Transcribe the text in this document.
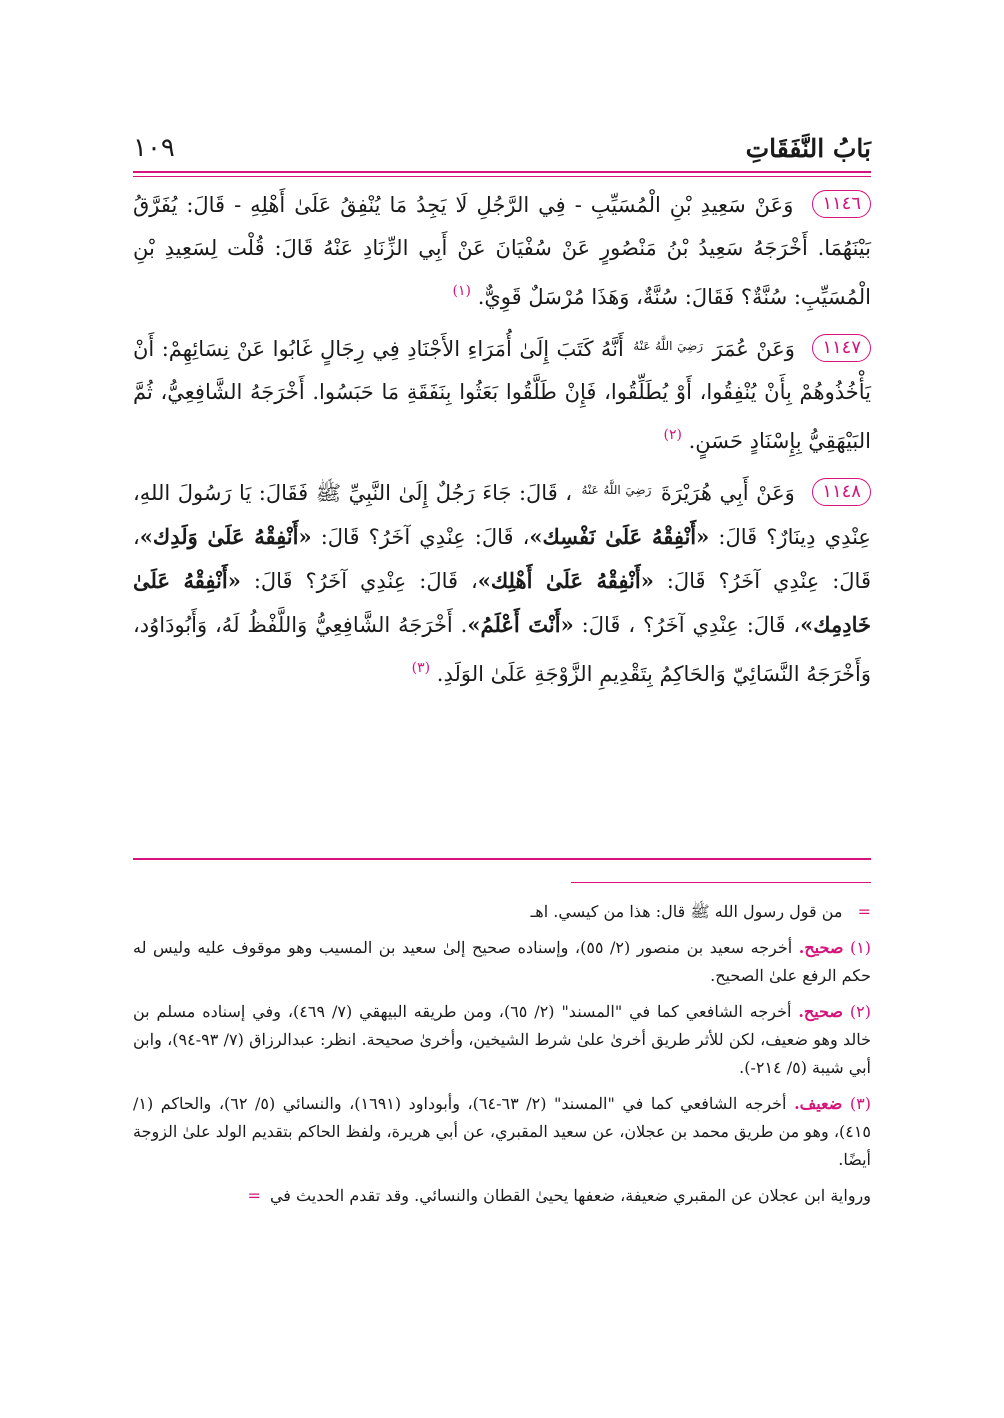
بَابُ النَّفَقَاتِ
١٠٩

١١٤٦ وَعَنْ سَعِيدِ بْنِ الْمُسَيِّبِ - فِي الرَّجُلِ لَا يَجِدُ مَا يُنْفِقُ عَلَىٰ أَهْلِهِ - قَالَ: يُفَرَّقُ بَيْنَهُمَا. أَخْرَجَهُ سَعِيدُ بْنُ مَنْصُورٍ عَنْ سُفْيَانَ عَنْ أَبِي الزِّنَادِ عَنْهُ قَالَ: قُلْت لِسَعِيدِ بْنِ الْمُسَيِّبِ: سُنَّةٌ؟ فَقَالَ: سُنَّةٌ، وَهَذَا مُرْسَلٌ قَوِيٌّ. $^{(١)}$

١١٤٧ وَعَنْ عُمَرَ $^{رَضِيَ اللَّهُ عَنْهُ}$ أَنَّهُ كَتَبَ إِلَىٰ أُمَرَاءِ الأَجْنَادِ فِي رِجَالٍ غَابُوا عَنْ نِسَائِهِمْ: أَنْ يَأْخُذُوهُمْ بِأَنْ يُنْفِقُوا، أَوْ يُطَلِّقُوا، فَإِنْ طَلَّقُوا بَعَثُوا بِنَفَقَةِ مَا حَبَسُوا. أَخْرَجَهُ الشَّافِعِيُّ، ثُمَّ البَيْهَقِيُّ بِإِسْنَادٍ حَسَنٍ. $^{(٢)}$

١١٤٨ وَعَنْ أَبِي هُرَيْرَةَ $^{رَضِيَ اللَّهُ عَنْهُ}$ ، قَالَ: جَاءَ رَجُلٌ إِلَىٰ النَّبِيِّ ﷺ فَقَالَ: يَا رَسُولَ اللهِ، عِنْدِي دِينَارٌ؟ قَالَ: «أَنْفِقْهُ عَلَىٰ نَفْسِك»، قَالَ: عِنْدِي آخَرُ؟ قَالَ: «أَنْفِقْهُ عَلَىٰ وَلَدِك»، قَالَ: عِنْدِي آخَرُ؟ قَالَ: «أَنْفِقْهُ عَلَىٰ أَهْلِك»، قَالَ: عِنْدِي آخَرُ؟ قَالَ: «أَنْفِقْهُ عَلَىٰ خَادِمِك»، قَالَ: عِنْدِي آخَرُ؟ ، قَالَ: «أَنْتَ أَعْلَمُ». أَخْرَجَهُ الشَّافِعِيُّ وَاللَّفْظُ لَهُ، وَأَبُودَاوُد، وَأَخْرَجَهُ النَّسَائِيّ وَالحَاكِمُ بِتَقْدِيمِ الزَّوْجَةِ عَلَىٰ الوَلَدِ. $^{(٣)}$

= من قول رسول الله ﷺ قال: هذا من كيسي. اهـ

(١) صحيح. أخرجه سعيد بن منصور (٢/ ٥٥)، وإسناده صحيح إلىٰ سعيد بن المسيب وهو موقوف عليه وليس له حكم الرفع علىٰ الصحيح.

(٢) صحيح. أخرجه الشافعي كما في "المسند" (٢/ ٦٥)، ومن طريقه البيهقي (٧/ ٤٦٩)، وفي إسناده مسلم بن خالد وهو ضعيف، لكن للأثر طريق أخرىٰ علىٰ شرط الشيخين، وأخرىٰ صحيحة. انظر: عبدالرزاق (٧/ ٩٣-٩٤)، وابن أبي شيبة (٥/ ٢١٤-).

(٣) ضعيف. أخرجه الشافعي كما في "المسند" (٢/ ٦٣-٦٤)، وأبوداود (١٦٩١)، والنسائي (٥/ ٦٢)، والحاكم (١/ ٤١٥)، وهو من طريق محمد بن عجلان، عن سعيد المقبري، عن أبي هريرة، ولفظ الحاكم بتقديم الولد علىٰ الزوجة أيضًا.

ورواية ابن عجلان عن المقبري ضعيفة، ضعفها يحيىٰ القطان والنسائي. وقد تقدم الحديث في =
